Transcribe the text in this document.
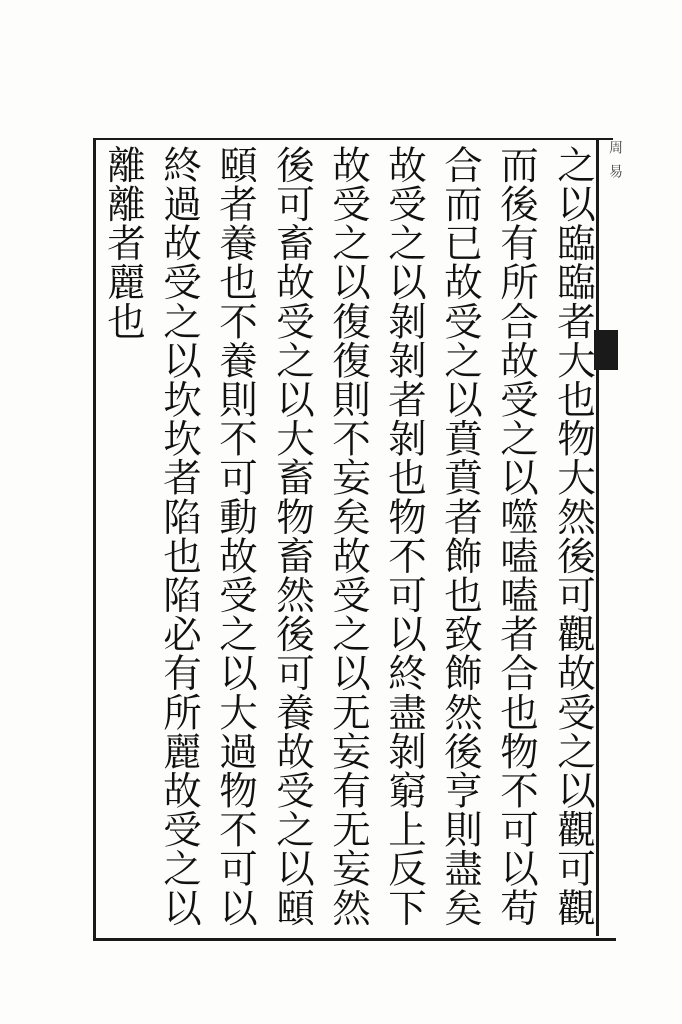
周易
之以臨臨者大也物大然後可觀故受之以觀可觀
而後有所合故受之以噬嗑嗑者合也物不可以苟
合而已故受之以賁賁者飾也致飾然後亨則盡矣
故受之以剝剝者剝也物不可以終盡剝窮上反下
故受之以復復則不妄矣故受之以无妄有无妄然
後可畜故受之以大畜物畜然後可養故受之以頤
頤者養也不養則不可動故受之以大過物不可以
終過故受之以坎坎者陷也陷必有所麗故受之以
離離者麗也
